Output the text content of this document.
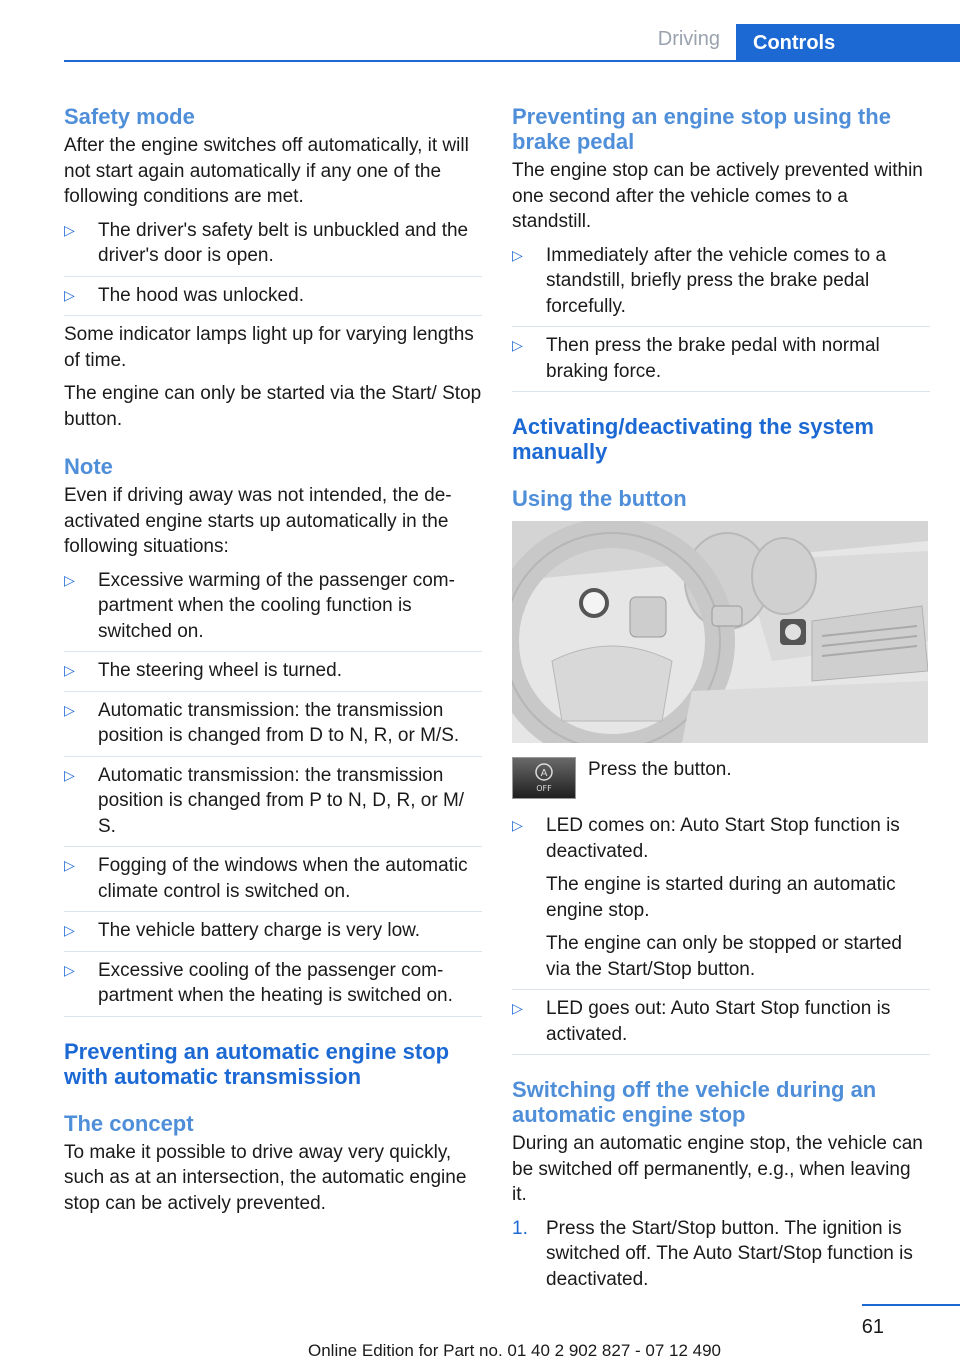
Driving	Controls
Safety mode

After the engine switches off automatically, it will not start again automatically if any one of the following conditions are met.

▷ The driver's safety belt is unbuckled and the driver's door is open.

▷ The hood was unlocked.

Some indicator lamps light up for varying lengths of time.

The engine can only be started via the Start/ Stop button.

Note

Even if driving away was not intended, the de‐ activated engine starts up automatically in the following situations:

▷ Excessive warming of the passenger com‐ partment when the cooling function is switched on.

▷ The steering wheel is turned.

▷ Automatic transmission: the transmission position is changed from D to N, R, or M/S.

▷ Automatic transmission: the transmission position is changed from P to N, D, R, or M/ S.

▷ Fogging of the windows when the automatic climate control is switched on.

▷ The vehicle battery charge is very low.

▷ Excessive cooling of the passenger com‐ partment when the heating is switched on.

Preventing an automatic engine stop with automatic transmission
The concept

To make it possible to drive away very quickly, such as at an intersection, the automatic engine stop can be actively prevented.

Preventing an engine stop using the brake pedal

The engine stop can be actively prevented within one second after the vehicle comes to a standstill.

▷ Immediately after the vehicle comes to a standstill, briefly press the brake pedal forcefully.

▷ Then press the brake pedal with normal braking force.

Activating/deactivating the system manually
Using the button
A
OFF
Press the button.
▷ LED comes on: Auto Start Stop function is deactivated.

The engine is started during an automatic engine stop.

The engine can only be stopped or started via the Start/Stop button.

▷ LED goes out: Auto Start Stop function is activated.

Switching off the vehicle during an automatic engine stop

During an automatic engine stop, the vehicle can be switched off permanently, e.g., when leaving it.

1. Press the Start/Stop button. The ignition is switched off. The Auto Start/Stop function is deactivated.

61
Online Edition for Part no. 01 40 2 902 827 - 07 12 490
